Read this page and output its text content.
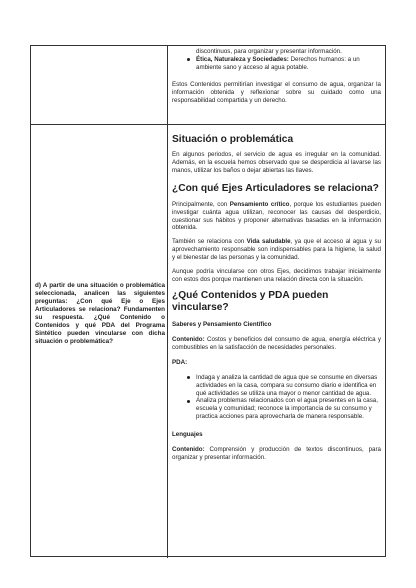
discontinuos, para organizar y presentar información.
Ética, Naturaleza y Sociedades: Derechos humanos: a un ambiente sano y acceso al agua potable.

Estos Contenidos permitirían investigar el consumo de agua, organizar la información obtenida y reflexionar sobre su cuidado como una responsabilidad compartida y un derecho.

d) A partir de una situación o problemática seleccionada, analicen las siguientes preguntas: ¿Con qué Eje o Ejes Articuladores se relaciona? Fundamenten su respuesta. ¿Qué Contenido o Contenidos y qué PDA del Programa Sintético pueden vincularse con dicha situación o problemática?

Situación o problemática

En algunos periodos, el servicio de agua es irregular en la comunidad. Además, en la escuela hemos observado que se desperdicia al lavarse las manos, utilizar los baños o dejar abiertas las llaves.

¿Con qué Ejes Articuladores se relaciona?

Principalmente, con Pensamiento crítico, porque los estudiantes pueden investigar cuánta agua utilizan, reconocer las causas del desperdicio, cuestionar sus hábitos y proponer alternativas basadas en la información obtenida.

También se relaciona con Vida saludable, ya que el acceso al agua y su aprovechamiento responsable son indispensables para la higiene, la salud y el bienestar de las personas y la comunidad.

Aunque podría vincularse con otros Ejes, decidimos trabajar inicialmente con estos dos porque mantienen una relación directa con la situación.

¿Qué Contenidos y PDA pueden vincularse?

Saberes y Pensamiento Científico

Contenido: Costos y beneficios del consumo de agua, energía eléctrica y combustibles en la satisfacción de necesidades personales.

PDA:

Indaga y analiza la cantidad de agua que se consume en diversas actividades en la casa, compara su consumo diario e identifica en qué actividades se utiliza una mayor o menor cantidad de agua.
Analiza problemas relacionados con el agua presentes en la casa, escuela y comunidad; reconoce la importancia de su consumo y practica acciones para aprovecharla de manera responsable.

Lenguajes

Contenido: Comprensión y producción de textos discontinuos, para organizar y presentar información.
